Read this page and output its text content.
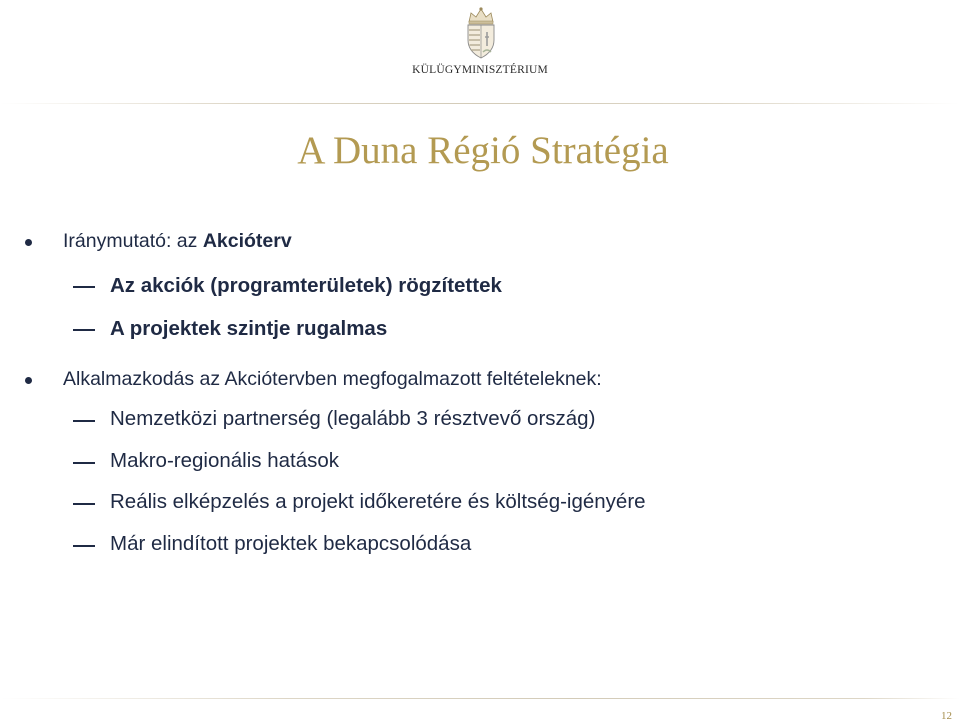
KÜLÜGYMINISZTÉRIUM
A Duna Régió Stratégia
Iránymutató: az Akcióterv
Az akciók (programterületek) rögzítettek
A projektek szintje rugalmas
Alkalmazkodás az Akciótervben megfogalmazott feltételeknek:
Nemzetközi partnerség (legalább 3 résztvevő ország)
Makro-regionális hatások
Reális elképzelés a projekt időkeretére és költség-igényére
Már elindított projektek bekapcsolódása
12
